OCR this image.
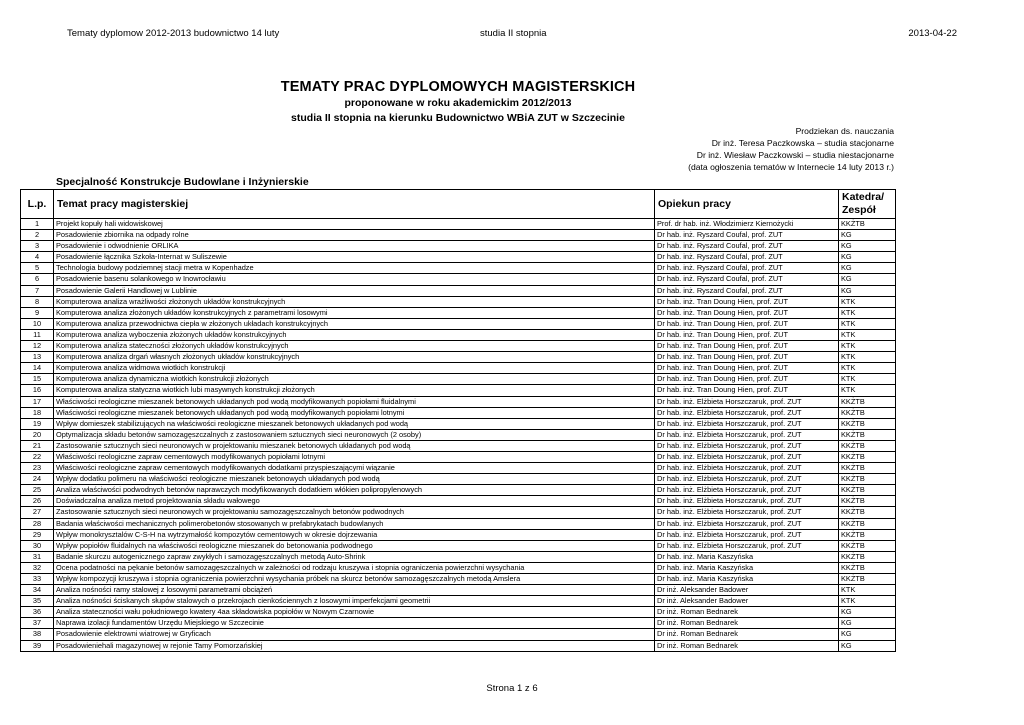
Tematy dyplomow 2012-2013 budownictwo 14 luty	studia II stopnia	2013-04-22
TEMATY PRAC DYPLOMOWYCH MAGISTERSKICH
proponowane w roku akademickim 2012/2013
studia II stopnia na kierunku Budownictwo WBiA ZUT w Szczecinie
Prodziekan ds. nauczania
Dr inż. Teresa Paczkowska – studia stacjonarne
Dr inż. Wiesław Paczkowski – studia niestacjonarne
(data ogłoszenia tematów w Internecie 14 luty 2013 r.)
Specjalność Konstrukcje Budowlane i Inżynierskie
L.p.	Temat pracy magisterskiej	Opiekun pracy	Katedra/
Zespół

1	Projekt kopuły hali widowiskowej	Prof. dr hab. inż. Włodzimierz Kiernożycki	KKŻTB
2	Posadowienie zbiornika na odpady rolne	Dr hab. inż. Ryszard Coufal, prof. ZUT	KG
3	Posadowienie i odwodnienie ORLIKA	Dr hab. inż. Ryszard Coufal, prof. ZUT	KG
4	Posadowienie łącznika Szkoła-Internat w Suliszewie	Dr hab. inż. Ryszard Coufal, prof. ZUT	KG
5	Technologia budowy podziemnej stacji metra w Kopenhadze	Dr hab. inż. Ryszard Coufal, prof. ZUT	KG
6	Posadowienie basenu solankowego w Inowrocławiu	Dr hab. inż. Ryszard Coufal, prof. ZUT	KG
7	Posadowienie Galerii Handlowej w Lublinie	Dr hab. inż. Ryszard Coufal, prof. ZUT	KG
8	Komputerowa analiza wrażliwości złożonych układów konstrukcyjnych	Dr hab. inż. Tran Doung Hien, prof. ZUT	KTK
9	Komputerowa analiza złożonych układów konstrukcyjnych z parametrami losowymi	Dr hab. inż. Tran Doung Hien, prof. ZUT	KTK
10	Komputerowa analiza przewodnictwa ciepła w złożonych układach konstrukcyjnych	Dr hab. inż. Tran Doung Hien, prof. ZUT	KTK
11	Komputerowa analiza wyboczenia złożonych układów konstrukcyjnych	Dr hab. inż. Tran Doung Hien, prof. ZUT	KTK
12	Komputerowa analiza stateczności złożonych układów konstrukcyjnych	Dr hab. inż. Tran Doung Hien, prof. ZUT	KTK
13	Komputerowa analiza drgań własnych złożonych układów konstrukcyjnych	Dr hab. inż. Tran Doung Hien, prof. ZUT	KTK
14	Komputerowa analiza widmowa wiotkich konstrukcji	Dr hab. inż. Tran Doung Hien, prof. ZUT	KTK
15	Komputerowa analiza dynamiczna wiotkich konstrukcji złożonych	Dr hab. inż. Tran Doung Hien, prof. ZUT	KTK
16	Komputerowa analiza statyczna wiotkich lubi masywnych konstrukcji złożonych	Dr hab. inż. Tran Doung Hien, prof. ZUT	KTK
17	Właściwości reologiczne mieszanek betonowych układanych pod wodą modyfikowanych popiołami fluidalnymi	Dr hab. inż. Elżbieta Horszczaruk, prof. ZUT	KKŻTB
18	Właściwości reologiczne mieszanek betonowych układanych pod wodą modyfikowanych popiołami lotnymi	Dr hab. inż. Elżbieta Horszczaruk, prof. ZUT	KKŻTB
19	Wpływ domieszek stabilizujących na właściwości reologiczne mieszanek betonowych układanych pod wodą	Dr hab. inż. Elżbieta Horszczaruk, prof. ZUT	KKŻTB
20	Optymalizacja składu betonów samozagęszczalnych z zastosowaniem sztucznych sieci neuronowych (2 osoby)	Dr hab. inż. Elżbieta Horszczaruk, prof. ZUT	KKŻTB
21	Zastosowanie sztucznych sieci neuronowych w projektowaniu mieszanek betonowych układanych pod wodą	Dr hab. inż. Elżbieta Horszczaruk, prof. ZUT	KKŻTB
22	Właściwości reologiczne zapraw cementowych modyfikowanych popiołami lotnymi	Dr hab. inż. Elżbieta Horszczaruk, prof. ZUT	KKŻTB
23	Właściwości reologiczne zapraw cementowych modyfikowanych dodatkami przyspieszającymi wiązanie	Dr hab. inż. Elżbieta Horszczaruk, prof. ZUT	KKŻTB
24	Wpływ dodatku polimeru na właściwości reologiczne mieszanek betonowych układanych pod wodą	Dr hab. inż. Elżbieta Horszczaruk, prof. ZUT	KKŻTB
25	Analiza właściwości podwodnych betonów naprawczych modyfikowanych dodatkiem włókien polipropylenowych	Dr hab. inż. Elżbieta Horszczaruk, prof. ZUT	KKŻTB
26	Doświadczalna analiza metod projektowania składu wałowego	Dr hab. inż. Elżbieta Horszczaruk, prof. ZUT	KKŻTB
27	Zastosowanie sztucznych sieci neuronowych w projektowaniu samozagęszczalnych betonów podwodnych	Dr hab. inż. Elżbieta Horszczaruk, prof. ZUT	KKŻTB
28	Badania właściwości mechanicznych polimerobetonów stosowanych w prefabrykatach budowlanych	Dr hab. inż. Elżbieta Horszczaruk, prof. ZUT	KKŻTB
29	Wpływ monokrysztalów C-S-H na wytrzymałość kompozytów cementowych w okresie dojrzewania	Dr hab. inż. Elżbieta Horszczaruk, prof. ZUT	KKŻTB
30	Wpływ popiołów fluidalnych na właściwości reologiczne mieszanek do betonowania podwodnego	Dr hab. inż. Elżbieta Horszczaruk, prof. ZUT	KKŻTB
31	Badanie skurczu autogenicznego zapraw zwykłych i samozagęszczalnych metodą Auto-Shrink	Dr hab. inż. Maria Kaszyńska	KKŻTB
32	Ocena podatności na pękanie betonów samozagęszczalnych w zależności od rodzaju kruszywa i stopnia ograniczenia powierzchni wysychania	Dr hab. inż. Maria Kaszyńska	KKŻTB
33	Wpływ kompozycji kruszywa i stopnia ograniczenia powierzchni wysychania próbek na skurcz betonów samozagęszczalnych metodą Amslera	Dr hab. inż. Maria Kaszyńska	KKŻTB
34	Analiza nośności ramy stalowej z losowymi parametrami obciążeń	Dr inż. Aleksander Badower	KTK
35	Analiza nośności ściskanych słupów stalowych o przekrojach cienkościennych z losowymi imperfekcjami geometrii	Dr inż. Aleksander Badower	KTK
36	Analiza stateczności wału południowego kwatery 4aa składowiska popiołów w Nowym Czarnowie	Dr inż. Roman Bednarek	KG
37	Naprawa izolacji fundamentów Urzędu Miejskiego w Szczecinie	Dr inż. Roman Bednarek	KG
38	Posadowienie elektrowni wiatrowej w Gryficach	Dr inż. Roman Bednarek	KG
39	Posadowieniehali magazynowej w rejonie Tamy Pomorzańskiej	Dr inż. Roman Bednarek	KG
Strona 1 z 6
